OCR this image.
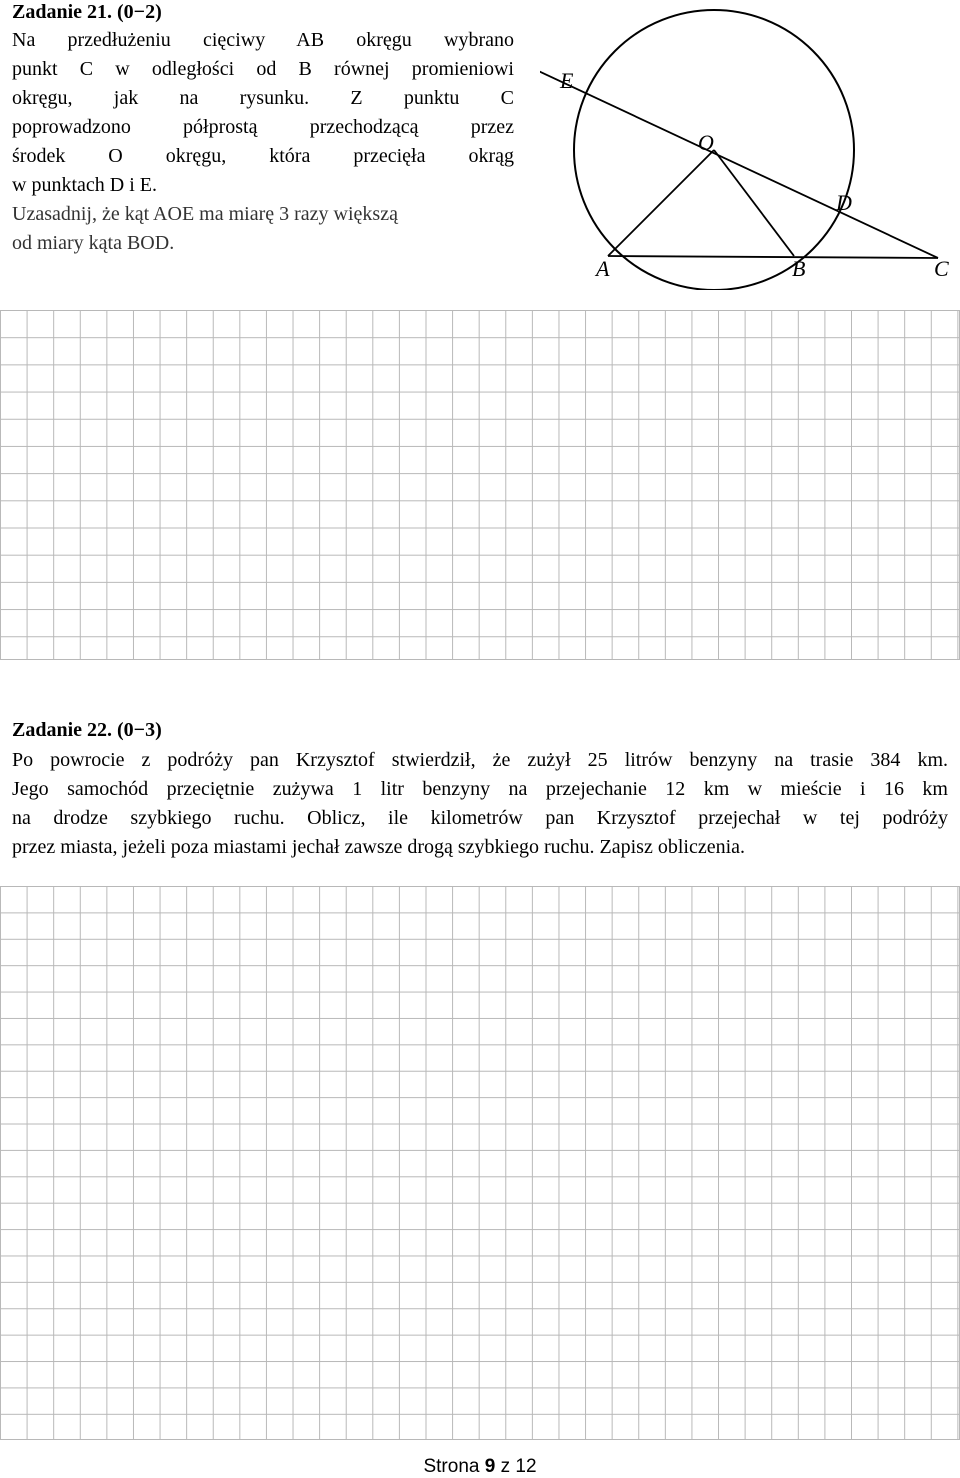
Zadanie 21. (0−2)
Na przedłużeniu cięciwy AB okręgu wybrano
punkt C w odległości od B równej promieniowi
okręgu, jak na rysunku. Z punktu C
poprowadzono półprostą przechodzącą przez
środek O okręgu, która przecięła okrąg
w punktach D i E.
Uzasadnij, że kąt AOE ma miarę 3 razy większą
od miary kąta BOD.
E
O
D
A	B	C
Zadanie 22. (0−3)
Po powrocie z podróży pan Krzysztof stwierdził, że zużył 25 litrów benzyny na trasie 384 km.
Jego samochód przeciętnie zużywa 1 litr benzyny na przejechanie 12 km w mieście i 16 km
na drodze szybkiego ruchu. Oblicz, ile kilometrów pan Krzysztof przejechał w tej podróży
przez miasta, jeżeli poza miastami jechał zawsze drogą szybkiego ruchu. Zapisz obliczenia.
Strona 9 z 12
